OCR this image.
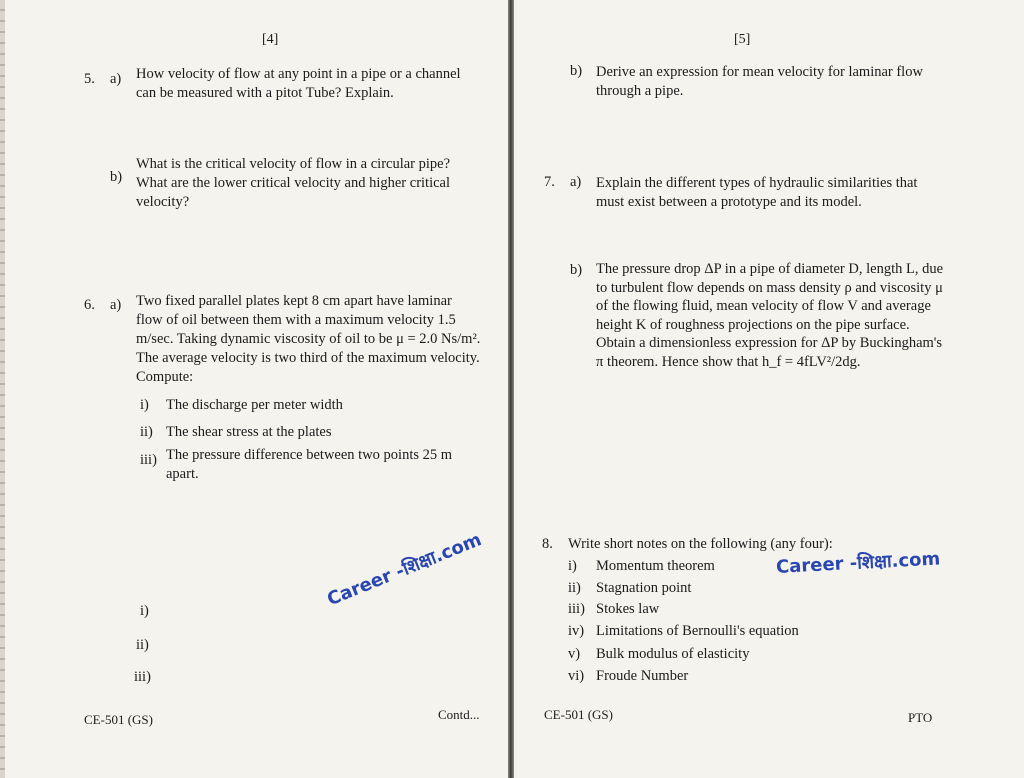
[4]

5. a) How velocity of flow at any point in a pipe or a channel can be measured with a pitot Tube? Explain.

b)

What is the critical velocity of flow in a circular pipe? What are the lower critical velocity and higher critical velocity?

6. a) Two fixed parallel plates kept 8 cm apart have laminar flow of oil between them with a maximum velocity 1.5 m/sec. Taking dynamic viscosity of oil to be μ = 2.0 Ns/m². The average velocity is two third of the maximum velocity. Compute:

i) The discharge per meter width

ii) The shear stress at the plates

iii) The pressure difference between two points 25 m apart.

i)

ii)

iii)

Career -शिक्षा.com

CE-501 (GS)	Contd...

[5]

b) Derive an expression for mean velocity for laminar flow through a pipe.

7. a) Explain the different types of hydraulic similarities that must exist between a prototype and its model.

b) The pressure drop ΔP in a pipe of diameter D, length L, due to turbulent flow depends on mass density ρ and viscosity μ of the flowing fluid, mean velocity of flow V and average height K of roughness projections on the pipe surface. Obtain a dimensionless expression for ΔP by Buckingham's π theorem. Hence show that h_f = 4fLV²/2dg.

8. Write short notes on the following (any four):

i) Momentum theorem

ii) Stagnation point

iii) Stokes law

iv) Limitations of Bernoulli's equation

v) Bulk modulus of elasticity

vi) Froude Number

Career -शिक्षा.com

CE-501 (GS)	PTO
